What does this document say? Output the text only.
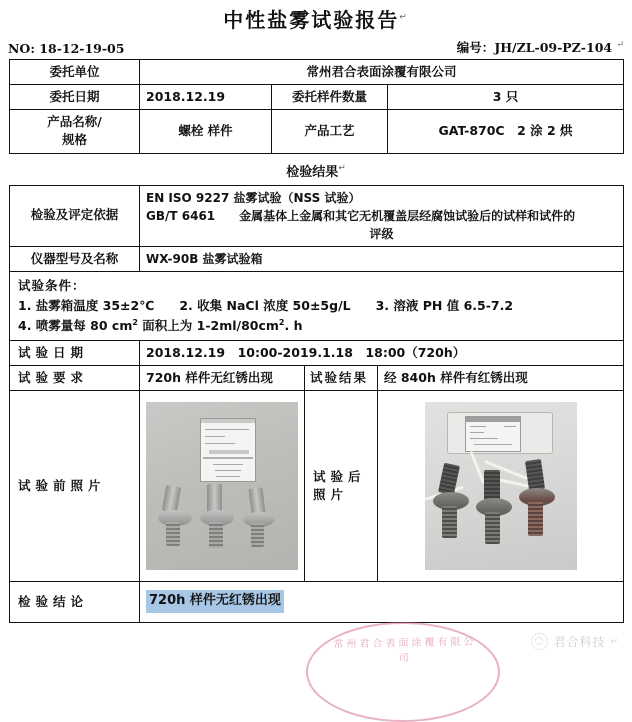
中性盐雾试验报告↵
NO: 18-12-19-05	编号：JH/ZL-09-PZ-104 ↵
委托单位	常州君合表面涂覆有限公司		
委托日期	2018.12.19	委托样件数量	3 只

产品名称/
规格	螺栓 样件	产品工艺	GAT-870C　2 涂 2 烘
检验结果↵
检验及评定依据	EN ISO 9227 盐雾试验（NSS 试验）
GB/T 6461　　金属基体上金属和其它无机覆盖层经腐蚀试验后的试样和试件的
评级		

仪器型号及名称	WX-90B 盐雾试验箱		

试验条件：
1. 盐雾箱温度 35±2℃　　2. 收集 NaCl 浓度 50±5g/L　　3. 溶液 PH 值 6.5-7.2
4. 喷雾量每 80 $cm^2$ 面积上为 $1-2ml/80cm^2$. h			

试验日期	2018.12.19　10:00-2019.1.18　18:00（720h）		
试验要求	720h 样件无红锈出现	试验结果	经 840h 样件有红锈出现
试验前照片		试验后照片	

检验结论	720h 样件无红锈出现		
常州君合表面涂覆有限公司
君合科技 ↵
